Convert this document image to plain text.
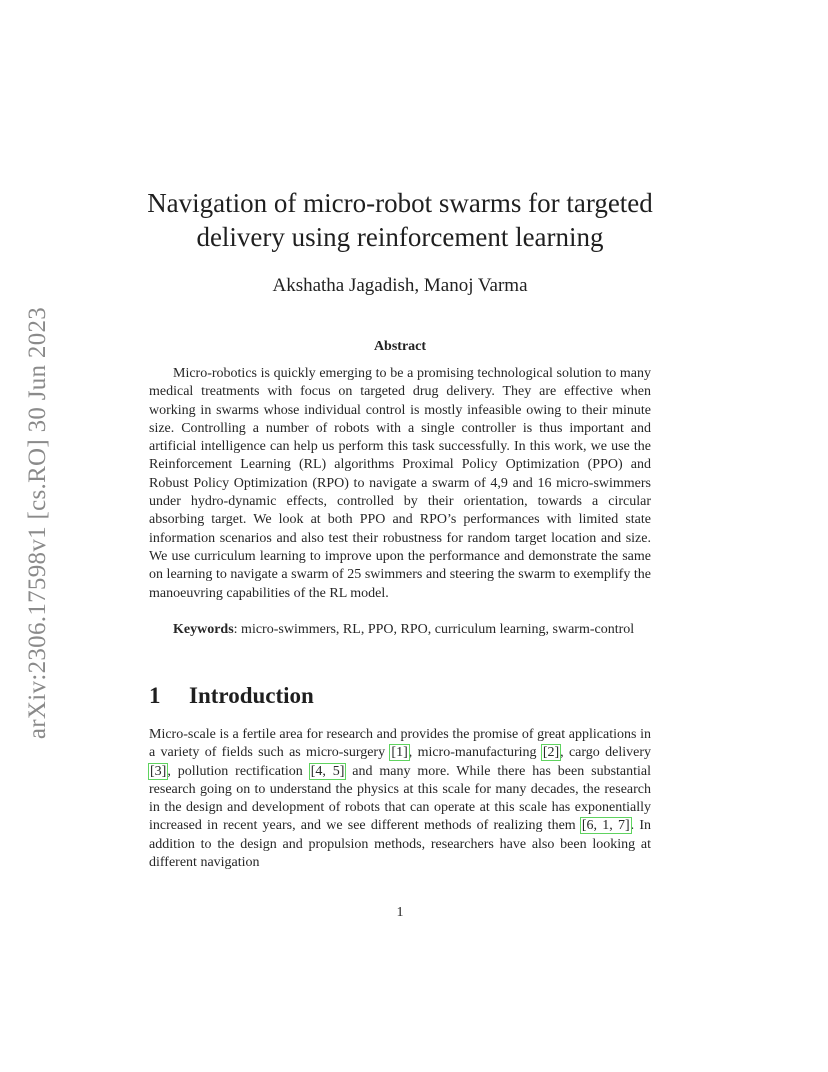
arXiv:2306.17598v1 [cs.RO] 30 Jun 2023
Navigation of micro-robot swarms for targeted delivery using reinforcement learning
Akshatha Jagadish, Manoj Varma
Abstract

Micro-robotics is quickly emerging to be a promising technological solution to many medical treatments with focus on targeted drug delivery. They are effective when working in swarms whose individual control is mostly infeasible owing to their minute size. Controlling a number of robots with a single controller is thus important and artificial intelligence can help us perform this task successfully. In this work, we use the Reinforcement Learning (RL) algorithms Proximal Policy Optimization (PPO) and Robust Policy Optimization (RPO) to navigate a swarm of 4,9 and 16 micro-swimmers under hydro-dynamic effects, controlled by their orientation, towards a circular absorbing target. We look at both PPO and RPO’s performances with limited state information scenarios and also test their robustness for random target location and size. We use curriculum learning to improve upon the performance and demonstrate the same on learning to navigate a swarm of 25 swimmers and steering the swarm to exemplify the manoeuvring capabilities of the RL model.

Keywords: micro-swimmers, RL, PPO, RPO, curriculum learning, swarm-control

1 Introduction

Micro-scale is a fertile area for research and provides the promise of great applications in a variety of fields such as micro-surgery [1], micro-manufacturing [2], cargo delivery [3], pollution rectification [4, 5] and many more. While there has been substantial research going on to understand the physics at this scale for many decades, the research in the design and development of robots that can operate at this scale has exponentially increased in recent years, and we see different methods of realizing them [6, 1, 7]. In addition to the design and propulsion methods, researchers have also been looking at different navigation

1
